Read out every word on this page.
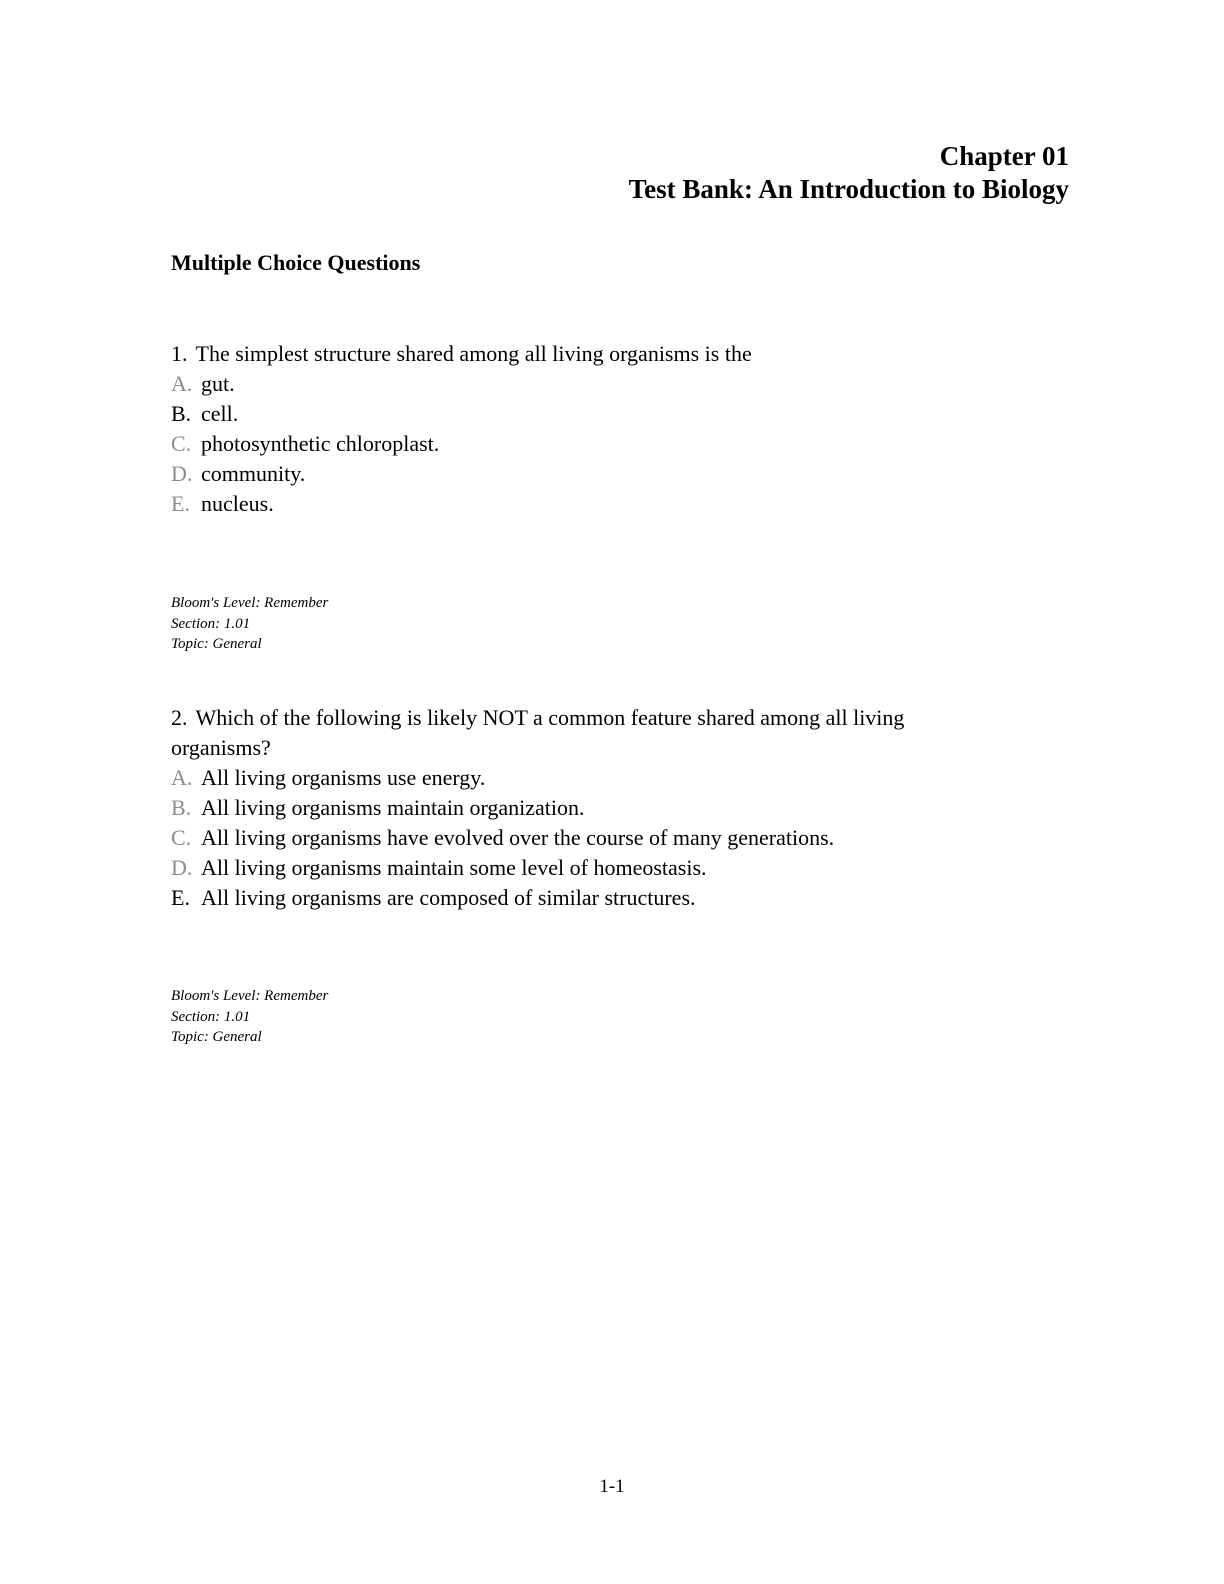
Chapter 01
Test Bank: An Introduction to Biology
Multiple Choice Questions

1. The simplest structure shared among all living organisms is the

A. gut.
B. cell.
C. photosynthetic chloroplast.
D. community.
E. nucleus.

Bloom's Level: Remember

Section: 1.01

Topic: General

2. Which of the following is likely NOT a common feature shared among all living organisms?

A. All living organisms use energy.
B. All living organisms maintain organization.
C. All living organisms have evolved over the course of many generations.
D. All living organisms maintain some level of homeostasis.
E. All living organisms are composed of similar structures.

Bloom's Level: Remember

Section: 1.01

Topic: General

1-1
